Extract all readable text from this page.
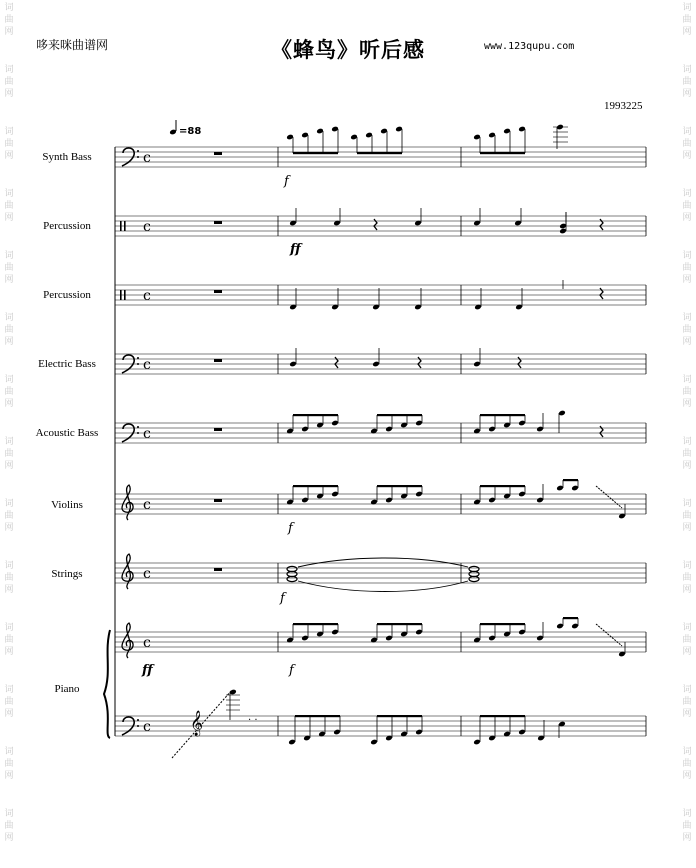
词
曲
网
词
曲
网
词
曲
网
词
曲
网
词
曲
网
词
曲
网
词
曲
网
词
曲
网
词
曲
网
词
曲
网
词
曲
网
词
曲
网
词
曲
网
词
曲
网
词
曲
网
词
曲
网
词
曲
网
词
曲
网
词
曲
网
词
曲
网
词
曲
网
词
曲
网
词
曲
网
词
曲
网
词
曲
网
词
曲
网
词
曲
网
词
曲
网
哆来咪曲谱网	《蜂鸟》听后感	www.123qupu.com
1993225
Synth Bass
Percussion
Percussion
Electric Bass
Acoustic Bass
Violins
Strings
Piano
=88
c
c
c
c
c
c
c
c
c
f
ff
f
f
ff	f
𝄞	. .
